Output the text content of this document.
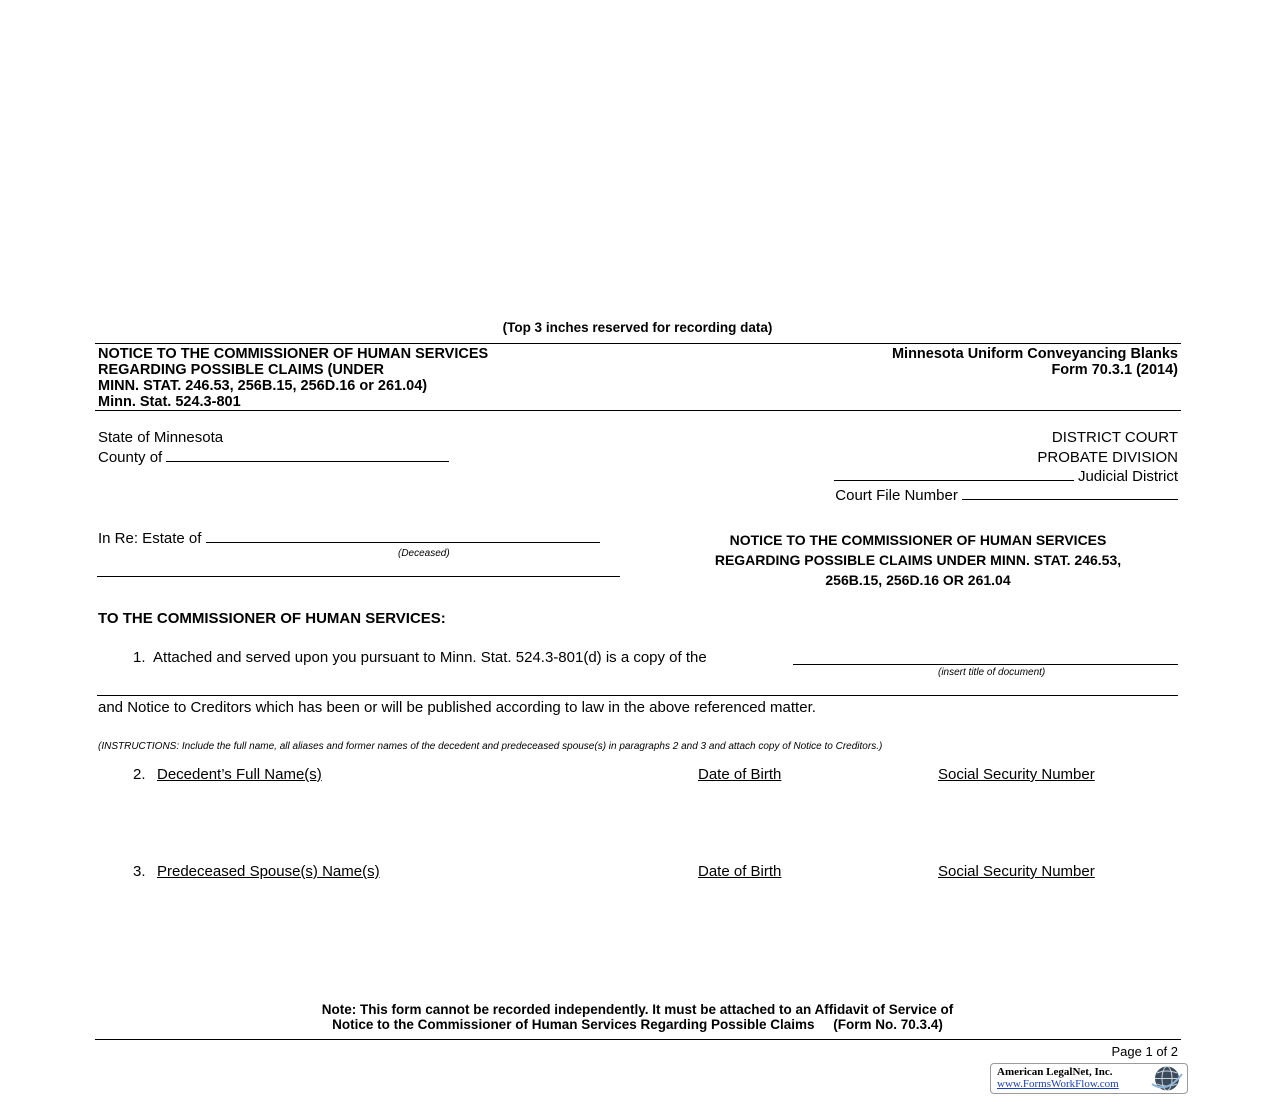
(Top 3 inches reserved for recording data)
NOTICE TO THE COMMISSIONER OF HUMAN SERVICES
REGARDING POSSIBLE CLAIMS (UNDER
MINN. STAT. 246.53, 256B.15, 256D.16 or 261.04)
Minn. Stat. 524.3-801
Minnesota Uniform Conveyancing Blanks
Form 70.3.1 (2014)
State of Minnesota
County of
DISTRICT COURT
PROBATE DIVISION
Judicial District
Court File Number
In Re: Estate of
(Deceased)
NOTICE TO THE COMMISSIONER OF HUMAN SERVICES
REGARDING POSSIBLE CLAIMS UNDER MINN. STAT. 246.53,
256B.15, 256D.16 OR 261.04
TO THE COMMISSIONER OF HUMAN SERVICES:
1. Attached and served upon you pursuant to Minn. Stat. 524.3-801(d) is a copy of the
(insert title of document)
and Notice to Creditors which has been or will be published according to law in the above referenced matter.
(INSTRUCTIONS: Include the full name, all aliases and former names of the decedent and predeceased spouse(s) in paragraphs 2 and 3 and attach copy of Notice to Creditors.)
2. Decedent’s Full Name(s)	Date of Birth	Social Security Number
3. Predeceased Spouse(s) Name(s)	Date of Birth	Social Security Number
Note: This form cannot be recorded independently. It must be attached to an Affidavit of Service of
Notice to the Commissioner of Human Services Regarding Possible Claims     (Form No. 70.3.4)
Page 1 of 2
American LegalNet, Inc.
www.FormsWorkFlow.com
